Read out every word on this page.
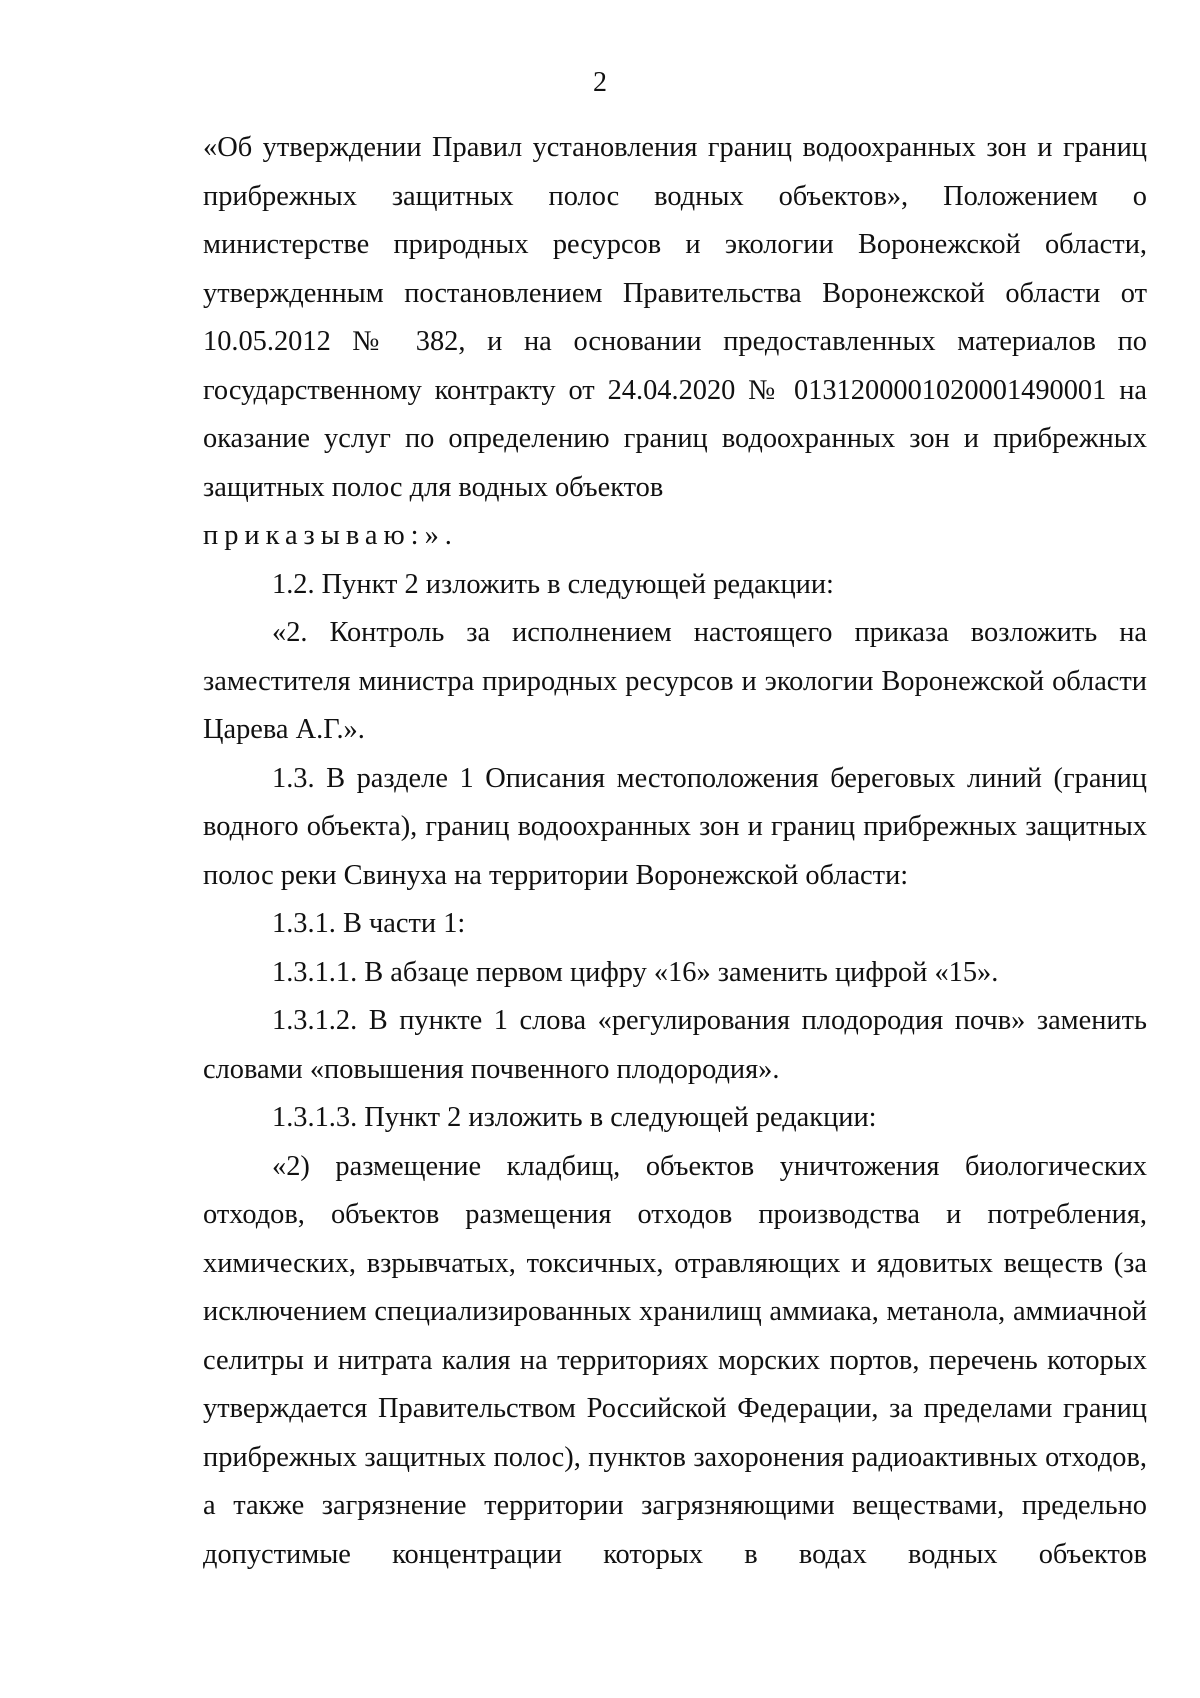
2

«Об утверждении Правил установления границ водоохранных зон и границ прибрежных защитных полос водных объектов», Положением о министерстве природных ресурсов и экологии Воронежской области, утвержденным постановлением Правительства Воронежской области от 10.05.2012 № 382, и на основании предоставленных материалов по государственному контракту от 24.04.2020 № 0131200001020001490001 на оказание услуг по определению границ водоохранных зон и прибрежных защитных полос для водных объектов

приказываю:».

1.2. Пункт 2 изложить в следующей редакции:

«2. Контроль за исполнением настоящего приказа возложить на заместителя министра природных ресурсов и экологии Воронежской области Царева А.Г.».

1.3. В разделе 1 Описания местоположения береговых линий (границ водного объекта), границ водоохранных зон и границ прибрежных защитных полос реки Свинуха на территории Воронежской области:

1.3.1. В части 1:

1.3.1.1. В абзаце первом цифру «16» заменить цифрой «15».

1.3.1.2. В пункте 1 слова «регулирования плодородия почв» заменить словами «повышения почвенного плодородия».

1.3.1.3. Пункт 2 изложить в следующей редакции:

«2) размещение кладбищ, объектов уничтожения биологических отходов, объектов размещения отходов производства и потребления, химических, взрывчатых, токсичных, отравляющих и ядовитых веществ (за исключением специализированных хранилищ аммиака, метанола, аммиачной селитры и нитрата калия на территориях морских портов, перечень которых утверждается Правительством Российской Федерации, за пределами границ прибрежных защитных полос), пунктов захоронения радиоактивных отходов, а также загрязнение территории загрязняющими веществами, предельно допустимые концентрации которых в водах водных объектов
